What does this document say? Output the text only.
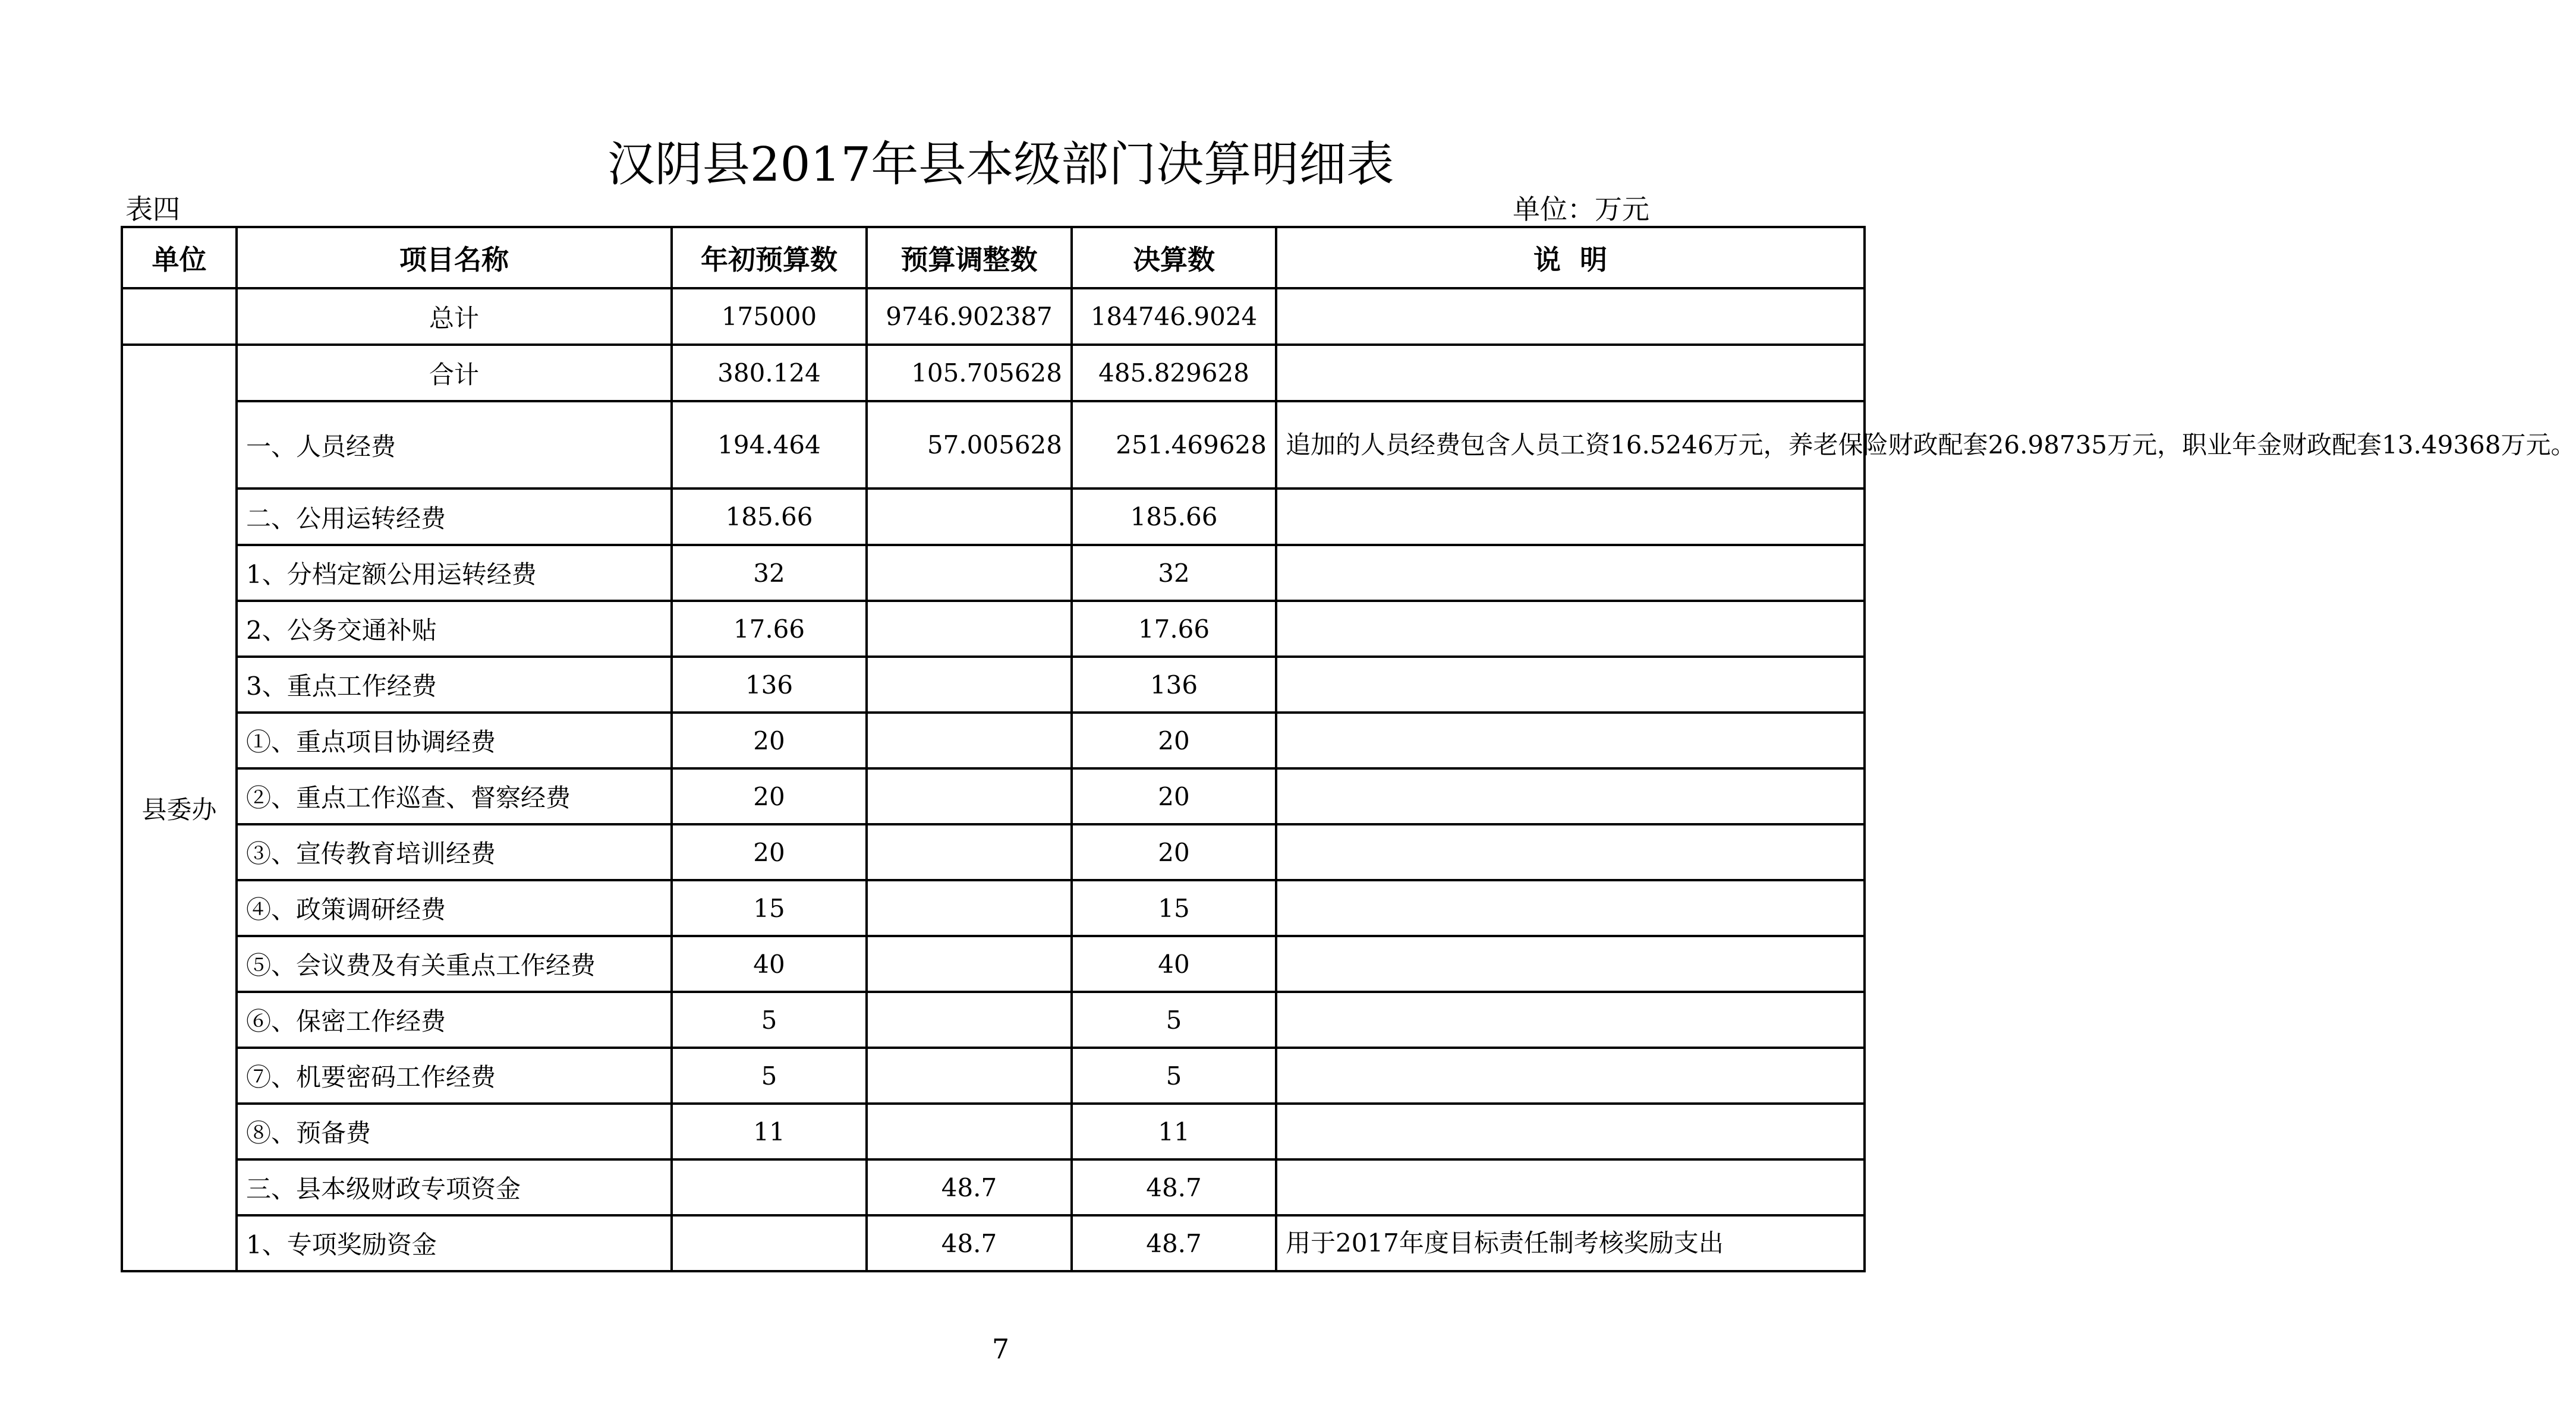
汉阴县2017年县本级部门决算明细表
表四	单位：万元
单位	项目名称	年初预算数	预算调整数	决算数	说  明
	总计	175000	9746.902387	184746.9024	
县委办	合计	380.124	105.705628	485.829628	
	一、人员经费	194.464	57.005628	251.469628	追加的人员经费包含人员工资16.5246万元，养老保险财政配套26.98735万元，职业年金财政配套13.49368万元。
	二、公用运转经费	185.66		185.66	
	1、分档定额公用运转经费	32		32	
	2、公务交通补贴	17.66		17.66	
	3、重点工作经费	136		136	
	①、重点项目协调经费	20		20	
	②、重点工作巡查、督察经费	20		20	
	③、宣传教育培训经费	20		20	
	④、政策调研经费	15		15	
	⑤、会议费及有关重点工作经费	40		40	
	⑥、保密工作经费	5		5	
	⑦、机要密码工作经费	5		5	
	⑧、预备费	11		11	
	三、县本级财政专项资金		48.7	48.7	
	1、专项奖励资金		48.7	48.7	用于2017年度目标责任制考核奖励支出
7
